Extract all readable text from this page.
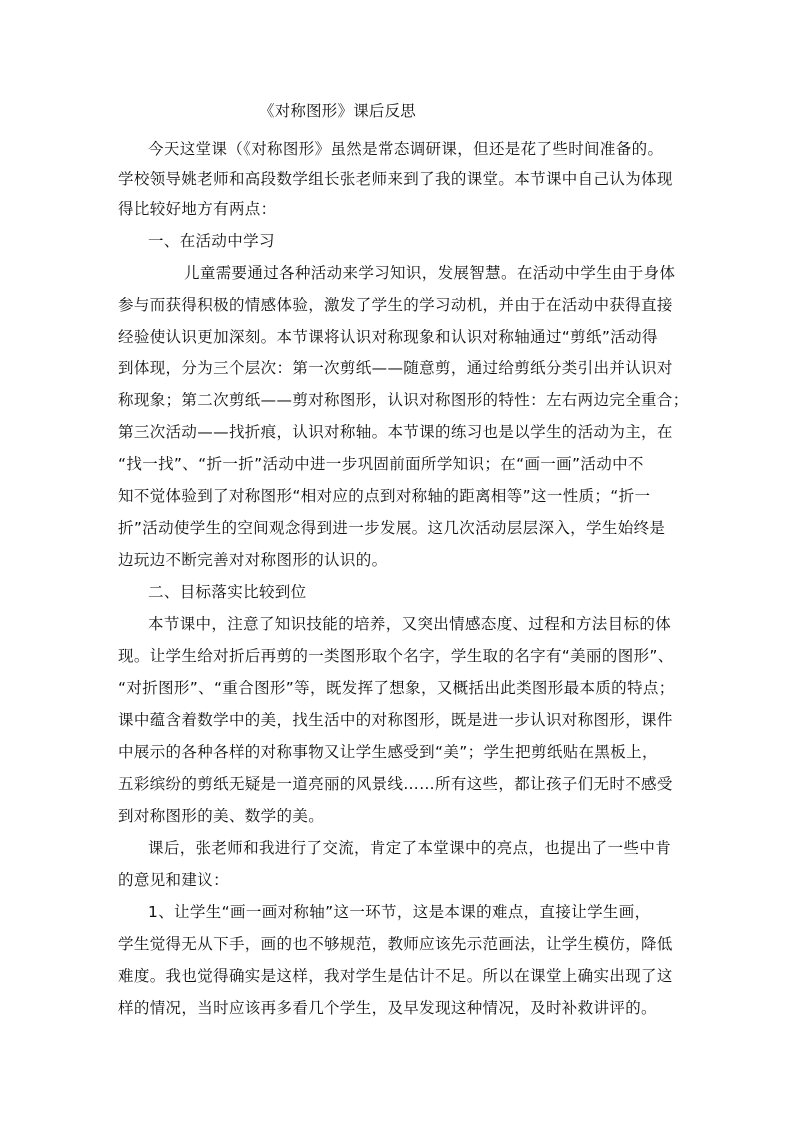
《对称图形》课后反思
今天这堂课（《对称图形》虽然是常态调研课，但还是花了些时间准备的。
学校领导姚老师和高段数学组长张老师来到了我的课堂。本节课中自己认为体现
得比较好地方有两点：
一、在活动中学习
儿童需要通过各种活动来学习知识，发展智慧。在活动中学生由于身体
参与而获得积极的情感体验，激发了学生的学习动机，并由于在活动中获得直接
经验使认识更加深刻。本节课将认识对称现象和认识对称轴通过“剪纸”活动得
到体现，分为三个层次：第一次剪纸——随意剪，通过给剪纸分类引出并认识对
称现象；第二次剪纸——剪对称图形，认识对称图形的特性：左右两边完全重合；
第三次活动——找折痕，认识对称轴。本节课的练习也是以学生的活动为主，在
“找一找”、“折一折”活动中进一步巩固前面所学知识；在“画一画”活动中不
知不觉体验到了对称图形“相对应的点到对称轴的距离相等”这一性质；“折一
折”活动使学生的空间观念得到进一步发展。这几次活动层层深入，学生始终是
边玩边不断完善对对称图形的认识的。
二、目标落实比较到位
本节课中，注意了知识技能的培养，又突出情感态度、过程和方法目标的体
现。让学生给对折后再剪的一类图形取个名字，学生取的名字有“美丽的图形”、
“对折图形”、“重合图形”等，既发挥了想象，又概括出此类图形最本质的特点；
课中蕴含着数学中的美，找生活中的对称图形，既是进一步认识对称图形，课件
中展示的各种各样的对称事物又让学生感受到“美”；学生把剪纸贴在黑板上，
五彩缤纷的剪纸无疑是一道亮丽的风景线……所有这些，都让孩子们无时不感受
到对称图形的美、数学的美。
课后，张老师和我进行了交流，肯定了本堂课中的亮点，也提出了一些中肯
的意见和建议：
1、让学生“画一画对称轴”这一环节，这是本课的难点，直接让学生画，
学生觉得无从下手，画的也不够规范，教师应该先示范画法，让学生模仿，降低
难度。我也觉得确实是这样，我对学生是估计不足。所以在课堂上确实出现了这
样的情况，当时应该再多看几个学生，及早发现这种情况，及时补救讲评的。
